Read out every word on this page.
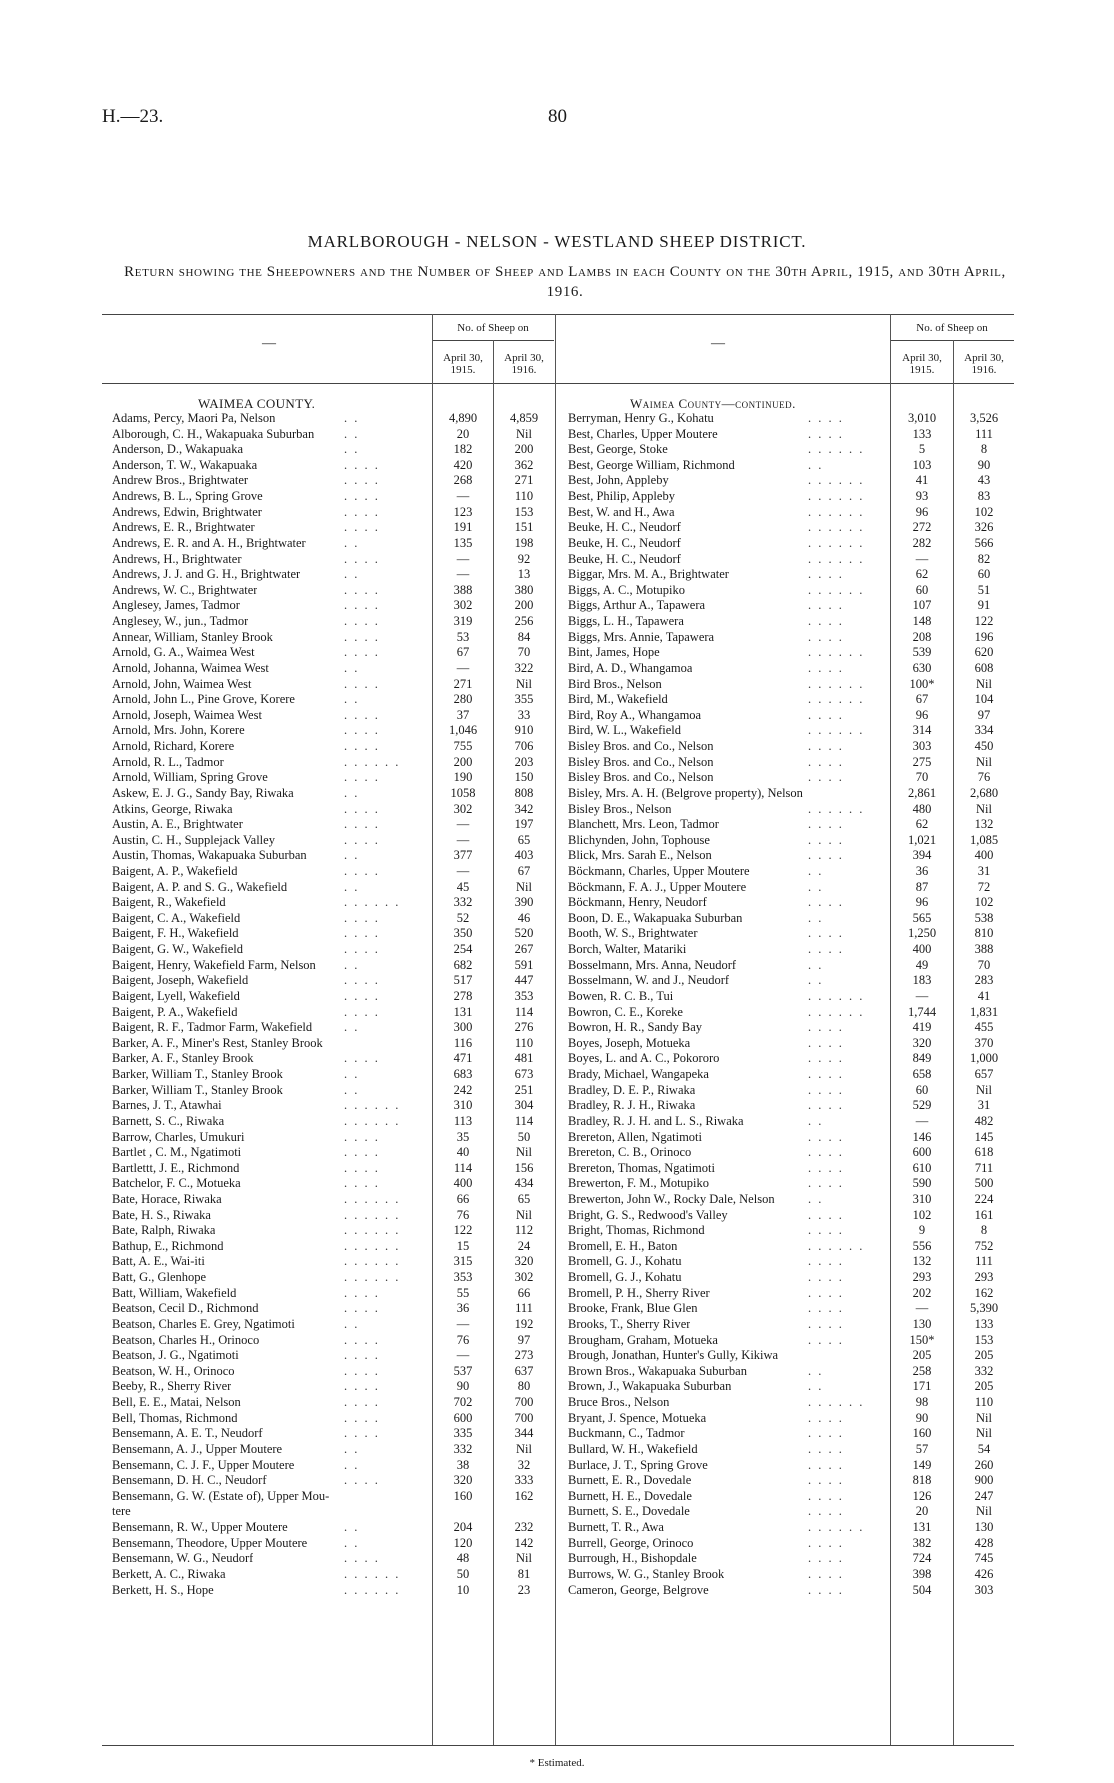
H.—23.	80
MARLBOROUGH - NELSON - WESTLAND SHEEP DISTRICT.
Return showing the Sheepowners and the Number of Sheep and Lambs in each County on the 30th April, 1915, and 30th April, 1916.
—
No. of Sheep on
April 30, 1915.
April 30, 1916.
—
No. of Sheep on
April 30, 1915.
April 30, 1916.
WAIMEA COUNTY.
Adams, Percy, Maori Pa, Nelson	. .	4,890	4,859
Alborough, C. H., Wakapuaka Suburban . .	20	Nil
Anderson, D., Wakapuaka	. .	182	200
Anderson, T. W., Wakapuaka	. . . .	420	362
Andrew Bros., Brightwater	. . . .	268	271
Andrews, B. L., Spring Grove	. . . .	—	110
Andrews, Edwin, Brightwater	. . . .	123	153
Andrews, E. R., Brightwater	. . . .	191	151
Andrews, E. R. and A. H., Brightwater	. .	135	198
Andrews, H., Brightwater	. . . .	—	92
Andrews, J. J. and G. H., Brightwater	. .	—	13
Andrews, W. C., Brightwater	. . . .	388	380
Anglesey, James, Tadmor	. . . .	302	200
Anglesey, W., jun., Tadmor	. . . .	319	256
Annear, William, Stanley Brook	. . . .	53	84
Arnold, G. A., Waimea West	. . . .	67	70
Arnold, Johanna, Waimea West	. .	—	322
Arnold, John, Waimea West	. . . .	271	Nil
Arnold, John L., Pine Grove, Korere	. .	280	355
Arnold, Joseph, Waimea West	. . . .	37	33
Arnold, Mrs. John, Korere	. . . .	1,046	910
Arnold, Richard, Korere	. . . .	755	706
Arnold, R. L., Tadmor	. . . . . .	200	203
Arnold, William, Spring Grove	. . . .	190	150
Askew, E. J. G., Sandy Bay, Riwaka	. .	1058	808
Atkins, George, Riwaka	. . . .	302	342
Austin, A. E., Brightwater	. . . .	—	197
Austin, C. H., Supplejack Valley	. . . .	—	65
Austin, Thomas, Wakapuaka Suburban	. .	377	403
Baigent, A. P., Wakefield	. . . .	—	67
Baigent, A. P. and S. G., Wakefield	. .	45	Nil
Baigent, R., Wakefield	. . . . . .	332	390
Baigent, C. A., Wakefield	. . . .	52	46
Baigent, F. H., Wakefield	. . . .	350	520
Baigent, G. W., Wakefield	. . . .	254	267
Baigent, Henry, Wakefield Farm, Nelson . .	682	591
Baigent, Joseph, Wakefield	. . . .	517	447
Baigent, Lyell, Wakefield	. . . .	278	353
Baigent, P. A., Wakefield	. . . .	131	114
Baigent, R. F., Tadmor Farm, Wakefield	. .	300	276
Barker, A. F., Miner's Rest, Stanley Brook	116	110
Barker, A. F., Stanley Brook	. . . .	471	481
Barker, William T., Stanley Brook	. .	683	673
Barker, William T., Stanley Brook	. .	242	251
Barnes, J. T., Atawhai	. . . . . .	310	304
Barnett, S. C., Riwaka	. . . . . .	113	114
Barrow, Charles, Umukuri	. . . .	35	50
Bartlet , C. M., Ngatimoti	. . . .	40	Nil
Bartlettt, J. E., Richmond	. . . .	114	156
Batchelor, F. C., Motueka	. . . .	400	434
Bate, Horace, Riwaka	. . . . . .	66	65
Bate, H. S., Riwaka	. . . . . .	76	Nil
Bate, Ralph, Riwaka	. . . . . .	122	112
Bathup, E., Richmond	. . . . . .	15	24
Batt, A. E., Wai-iti	. . . . . .	315	320
Batt, G., Glenhope	. . . . . .	353	302
Batt, William, Wakefield	. . . .	55	66
Beatson, Cecil D., Richmond	. . . .	36	111
Beatson, Charles E. Grey, Ngatimoti	. .	—	192
Beatson, Charles H., Orinoco	. . . .	76	97
Beatson, J. G., Ngatimoti	. . . .	—	273
Beatson, W. H., Orinoco	. . . .	537	637
Beeby, R., Sherry River	. . . .	90	80
Bell, E. E., Matai, Nelson	. . . .	702	700
Bell, Thomas, Richmond	. . . .	600	700
Bensemann, A. E. T., Neudorf	. . . .	335	344
Bensemann, A. J., Upper Moutere	. .	332	Nil
Bensemann, C. J. F., Upper Moutere	. .	38	32
Bensemann, D. H. C., Neudorf	. . . .	320	333
Bensemann, G. W. (Estate of), Upper Mou-	160	162
tere
Bensemann, R. W., Upper Moutere	. .	204	232
Bensemann, Theodore, Upper Moutere	. .	120	142
Bensemann, W. G., Neudorf	. . . .	48	Nil
Berkett, A. C., Riwaka	. . . . . .	50	81
Berkett, H. S., Hope	. . . . . .	10	23
Waimea County—continued.
Berryman, Henry G., Kohatu	. . . .	3,010	3,526
Best, Charles, Upper Moutere	. . . .	133	111
Best, George, Stoke	. . . . . .	5	8
Best, George William, Richmond	. .	103	90
Best, John, Appleby	. . . . . .	41	43
Best, Philip, Appleby	. . . . . .	93	83
Best, W. and H., Awa	. . . . . .	96	102
Beuke, H. C., Neudorf	. . . . . .	272	326
Beuke, H. C., Neudorf	. . . . . .	282	566
Beuke, H. C., Neudorf	. . . . . .	—	82
Biggar, Mrs. M. A., Brightwater	. . . .	62	60
Biggs, A. C., Motupiko	. . . . . .	60	51
Biggs, Arthur A., Tapawera	. . . .	107	91
Biggs, L. H., Tapawera	. . . .	148	122
Biggs, Mrs. Annie, Tapawera	. . . .	208	196
Bint, James, Hope	. . . . . .	539	620
Bird, A. D., Whangamoa	. . . .	630	608
Bird Bros., Nelson	. . . . . .	100*	Nil
Bird, M., Wakefield	. . . . . .	67	104
Bird, Roy A., Whangamoa	. . . .	96	97
Bird, W. L., Wakefield	. . . . . .	314	334
Bisley Bros. and Co., Nelson	. . . .	303	450
Bisley Bros. and Co., Nelson	. . . .	275	Nil
Bisley Bros. and Co., Nelson	. . . .	70	76
Bisley, Mrs. A. H. (Belgrove property), Nelson	2,861	2,680
Bisley Bros., Nelson	. . . . . .	480	Nil
Blanchett, Mrs. Leon, Tadmor	. . . .	62	132
Blichynden, John, Tophouse	. . . .	1,021	1,085
Blick, Mrs. Sarah E., Nelson	. . . .	394	400
Böckmann, Charles, Upper Moutere	. .	36	31
Böckmann, F. A. J., Upper Moutere	. .	87	72
Böckmann, Henry, Neudorf	. . . .	96	102
Boon, D. E., Wakapuaka Suburban	. .	565	538
Booth, W. S., Brightwater	. . . .	1,250	810
Borch, Walter, Matariki	. . . .	400	388
Bosselmann, Mrs. Anna, Neudorf	. .	49	70
Bosselmann, W. and J., Neudorf	. .	183	283
Bowen, R. C. B., Tui	. . . . . .	—	41
Bowron, C. E., Koreke	. . . . . .	1,744	1,831
Bowron, H. R., Sandy Bay	. . . .	419	455
Boyes, Joseph, Motueka	. . . .	320	370
Boyes, L. and A. C., Pokororo	. . . .	849	1,000
Brady, Michael, Wangapeka	. . . .	658	657
Bradley, D. E. P., Riwaka	. . . .	60	Nil
Bradley, R. J. H., Riwaka	. . . .	529	31
Bradley, R. J. H. and L. S., Riwaka	. .	—	482
Brereton, Allen, Ngatimoti	. . . .	146	145
Brereton, C. B., Orinoco	. . . .	600	618
Brereton, Thomas, Ngatimoti	. . . .	610	711
Brewerton, F. M., Motupiko	. . . .	590	500
Brewerton, John W., Rocky Dale, Nelson	. .	310	224
Bright, G. S., Redwood's Valley	. . . .	102	161
Bright, Thomas, Richmond	. . . .	9	8
Bromell, E. H., Baton	. . . . . .	556	752
Bromell, G. J., Kohatu	. . . .	132	111
Bromell, G. J., Kohatu	. . . .	293	293
Bromell, P. H., Sherry River	. . . .	202	162
Brooke, Frank, Blue Glen	. . . .	—	5,390
Brooks, T., Sherry River	. . . .	130	133
Brougham, Graham, Motueka	. . . .	150*	153
Brough, Jonathan, Hunter's Gully, Kikiwa	205	205
Brown Bros., Wakapuaka Suburban	. .	258	332
Brown, J., Wakapuaka Suburban	. .	171	205
Bruce Bros., Nelson	. . . . . .	98	110
Bryant, J. Spence, Motueka	. . . .	90	Nil
Buckmann, C., Tadmor	. . . .	160	Nil
Bullard, W. H., Wakefield	. . . .	57	54
Burlace, J. T., Spring Grove	. . . .	149	260
Burnett, E. R., Dovedale	. . . .	818	900
Burnett, H. E., Dovedale	. . . .	126	247
Burnett, S. E., Dovedale	. . . .	20	Nil
Burnett, T. R., Awa	. . . . . .	131	130
Burrell, George, Orinoco	. . . .	382	428
Burrough, H., Bishopdale	. . . .	724	745
Burrows, W. G., Stanley Brook	. . . .	398	426
Cameron, George, Belgrove	. . . .	504	303
* Estimated.
